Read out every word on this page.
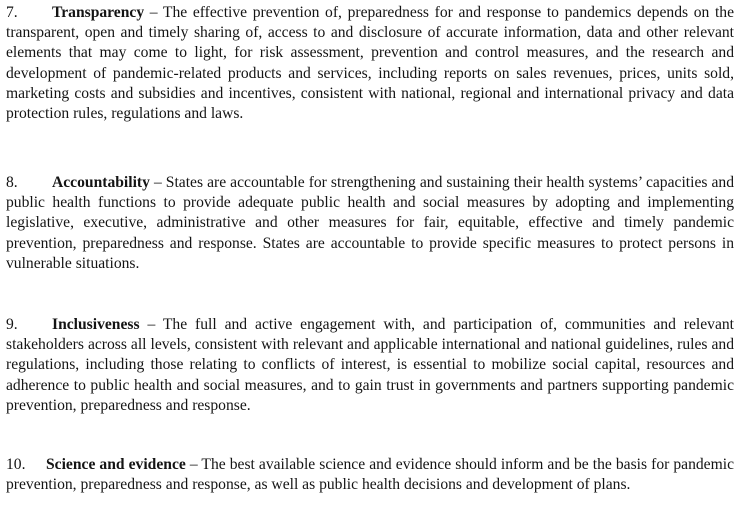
7. Transparency – The effective prevention of, preparedness for and response to pandemics depends on the transparent, open and timely sharing of, access to and disclosure of accurate information, data and other relevant elements that may come to light, for risk assessment, prevention and control measures, and the research and development of pandemic-related products and services, including reports on sales revenues, prices, units sold, marketing costs and subsidies and incentives, consistent with national, regional and international privacy and data protection rules, regulations and laws.

8. Accountability – States are accountable for strengthening and sustaining their health systems’ capacities and public health functions to provide adequate public health and social measures by adopting and implementing legislative, executive, administrative and other measures for fair, equitable, effective and timely pandemic prevention, preparedness and response. States are accountable to provide specific measures to protect persons in vulnerable situations.

9. Inclusiveness – The full and active engagement with, and participation of, communities and relevant stakeholders across all levels, consistent with relevant and applicable international and national guidelines, rules and regulations, including those relating to conflicts of interest, is essential to mobilize social capital, resources and adherence to public health and social measures, and to gain trust in governments and partners supporting pandemic prevention, preparedness and response.

10. Science and evidence – The best available science and evidence should inform and be the basis for pandemic prevention, preparedness and response, as well as public health decisions and development of plans.
